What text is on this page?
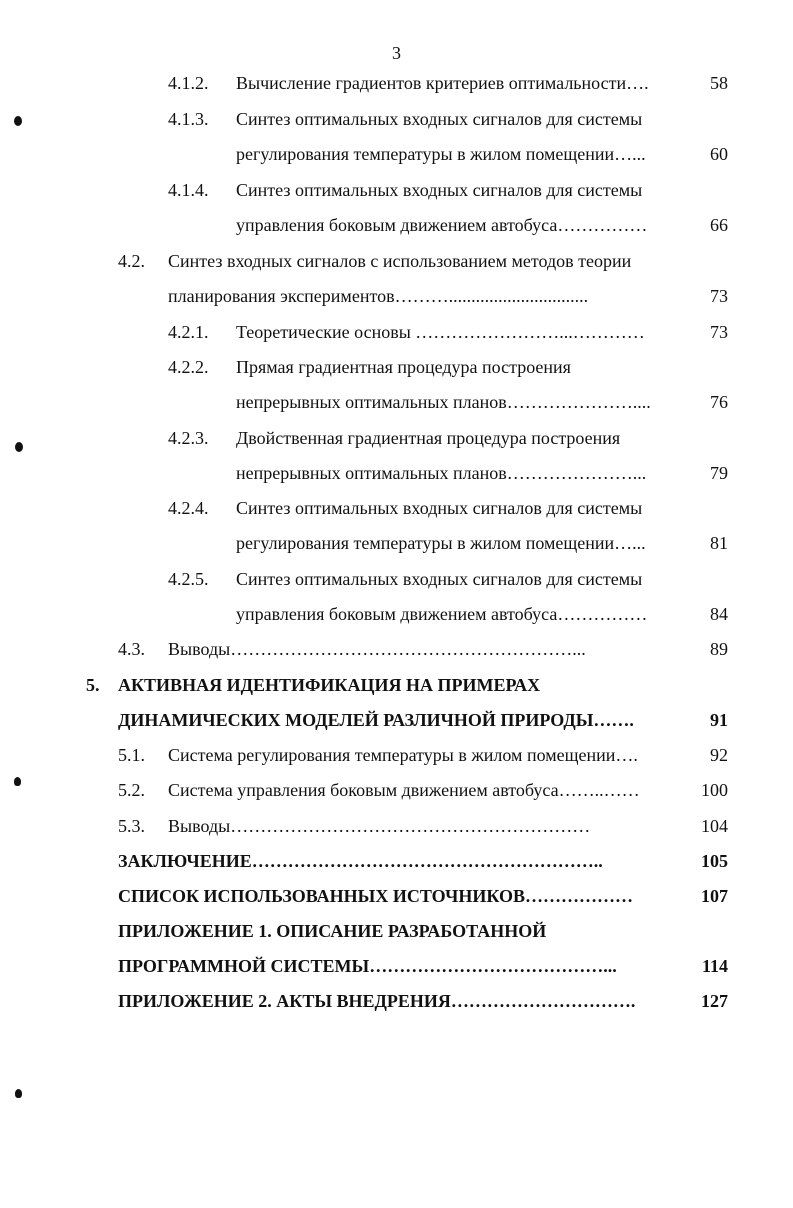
3
4.1.2.	Вычисление градиентов критериев оптимальности….	58
4.1.3.	Синтез оптимальных входных сигналов для системы
регулирования температуры в жилом помещении…...	60
4.1.4.	Синтез оптимальных входных сигналов для системы
управления боковым движением автобуса……………	66
4.2.	Синтез входных сигналов с использованием методов теории
планирования экспериментов………...............................	73
4.2.1.	Теоретические основы ……………………...…………	73
4.2.2.	Прямая градиентная процедура построения
непрерывных оптимальных планов…………………....	76
4.2.3.	Двойственная градиентная процедура построения
непрерывных оптимальных планов…………………...	79
4.2.4.	Синтез оптимальных входных сигналов для системы
регулирования температуры в жилом помещении…...	81
4.2.5.	Синтез оптимальных входных сигналов для системы
управления боковым движением автобуса……………	84
4.3.	Выводы…………………………………………………...	89
5.	АКТИВНАЯ ИДЕНТИФИКАЦИЯ НА ПРИМЕРАХ
ДИНАМИЧЕСКИХ МОДЕЛЕЙ РАЗЛИЧНОЙ ПРИРОДЫ…….	91
5.1.	Система регулирования температуры в жилом помещении….	92
5.2.	Система управления боковым движением автобуса……..……	100
5.3.	Выводы……………………………………………………	104
ЗАКЛЮЧЕНИЕ…………………………………………………..	105
СПИСОК ИСПОЛЬЗОВАННЫХ ИСТОЧНИКОВ………………	107
ПРИЛОЖЕНИЕ 1. ОПИСАНИЕ РАЗРАБОТАННОЙ
ПРОГРАММНОЙ СИСТЕМЫ…………………………………...	114
ПРИЛОЖЕНИЕ 2. АКТЫ ВНЕДРЕНИЯ………………………….	127
